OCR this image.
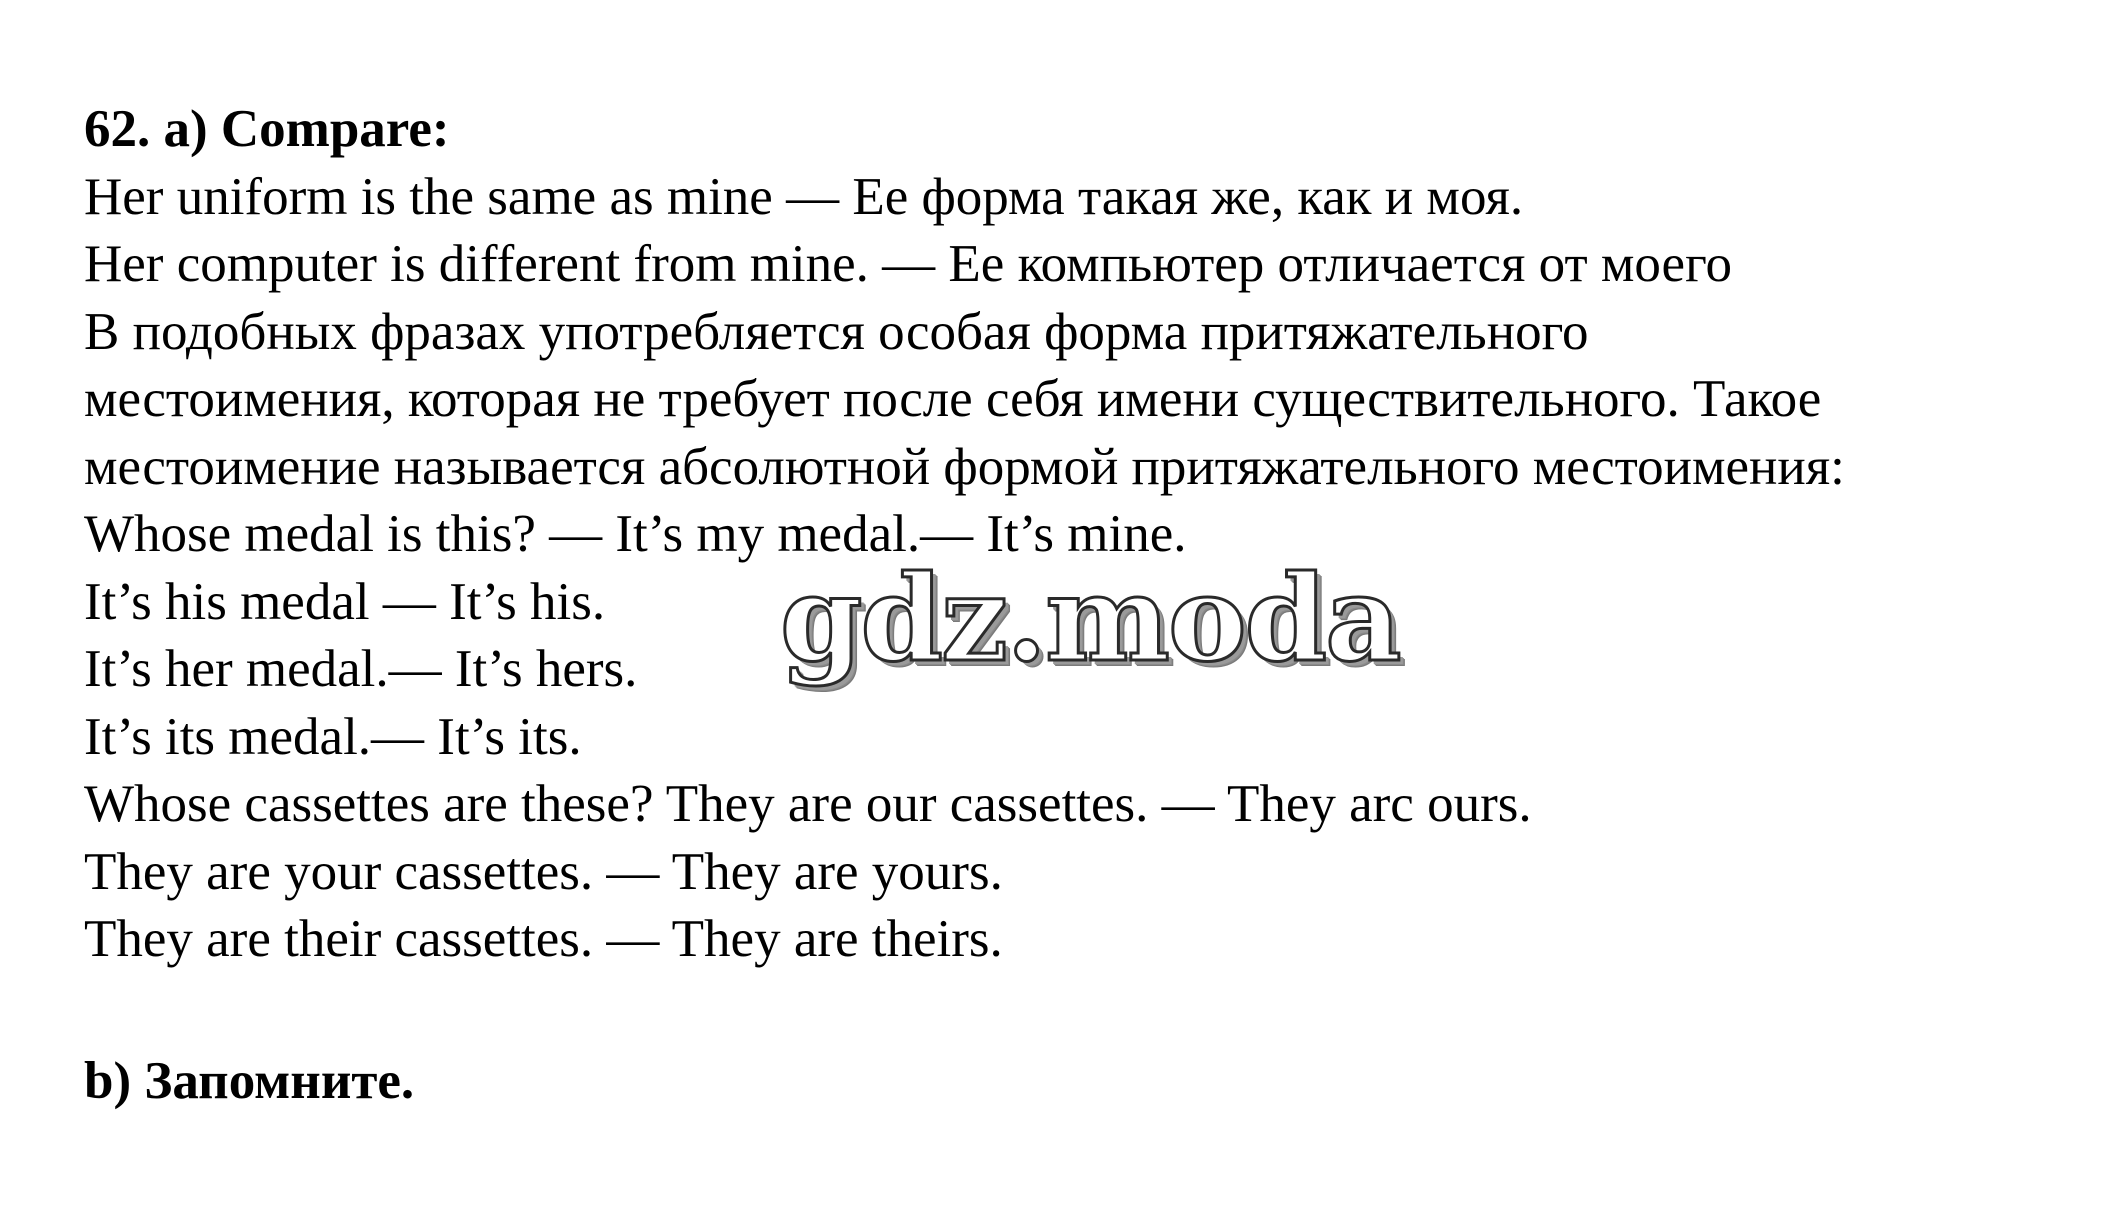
62. a) Compare:
Her uniform is the same as mine — Ее форма такая же, как и моя.
Her computer is different from mine. — Ее компьютер отличается от моего
В подобных фразах употребляется особая форма притяжательного
местоимения, которая не требует после себя имени существительного. Такое
местоимение называется абсолютной формой притяжательного местоимения:
Whose medal is this? — It’s my medal.— It’s mine.
It’s his medal — It’s his.
It’s her medal.— It’s hers.
It’s its medal.— It’s its.
Whose cassettes are these? They are our cassettes. — They arc ours.
They are your cassettes. — They are yours.
They are their cassettes. — They are theirs.
b) Запомните.
gdz.moda
